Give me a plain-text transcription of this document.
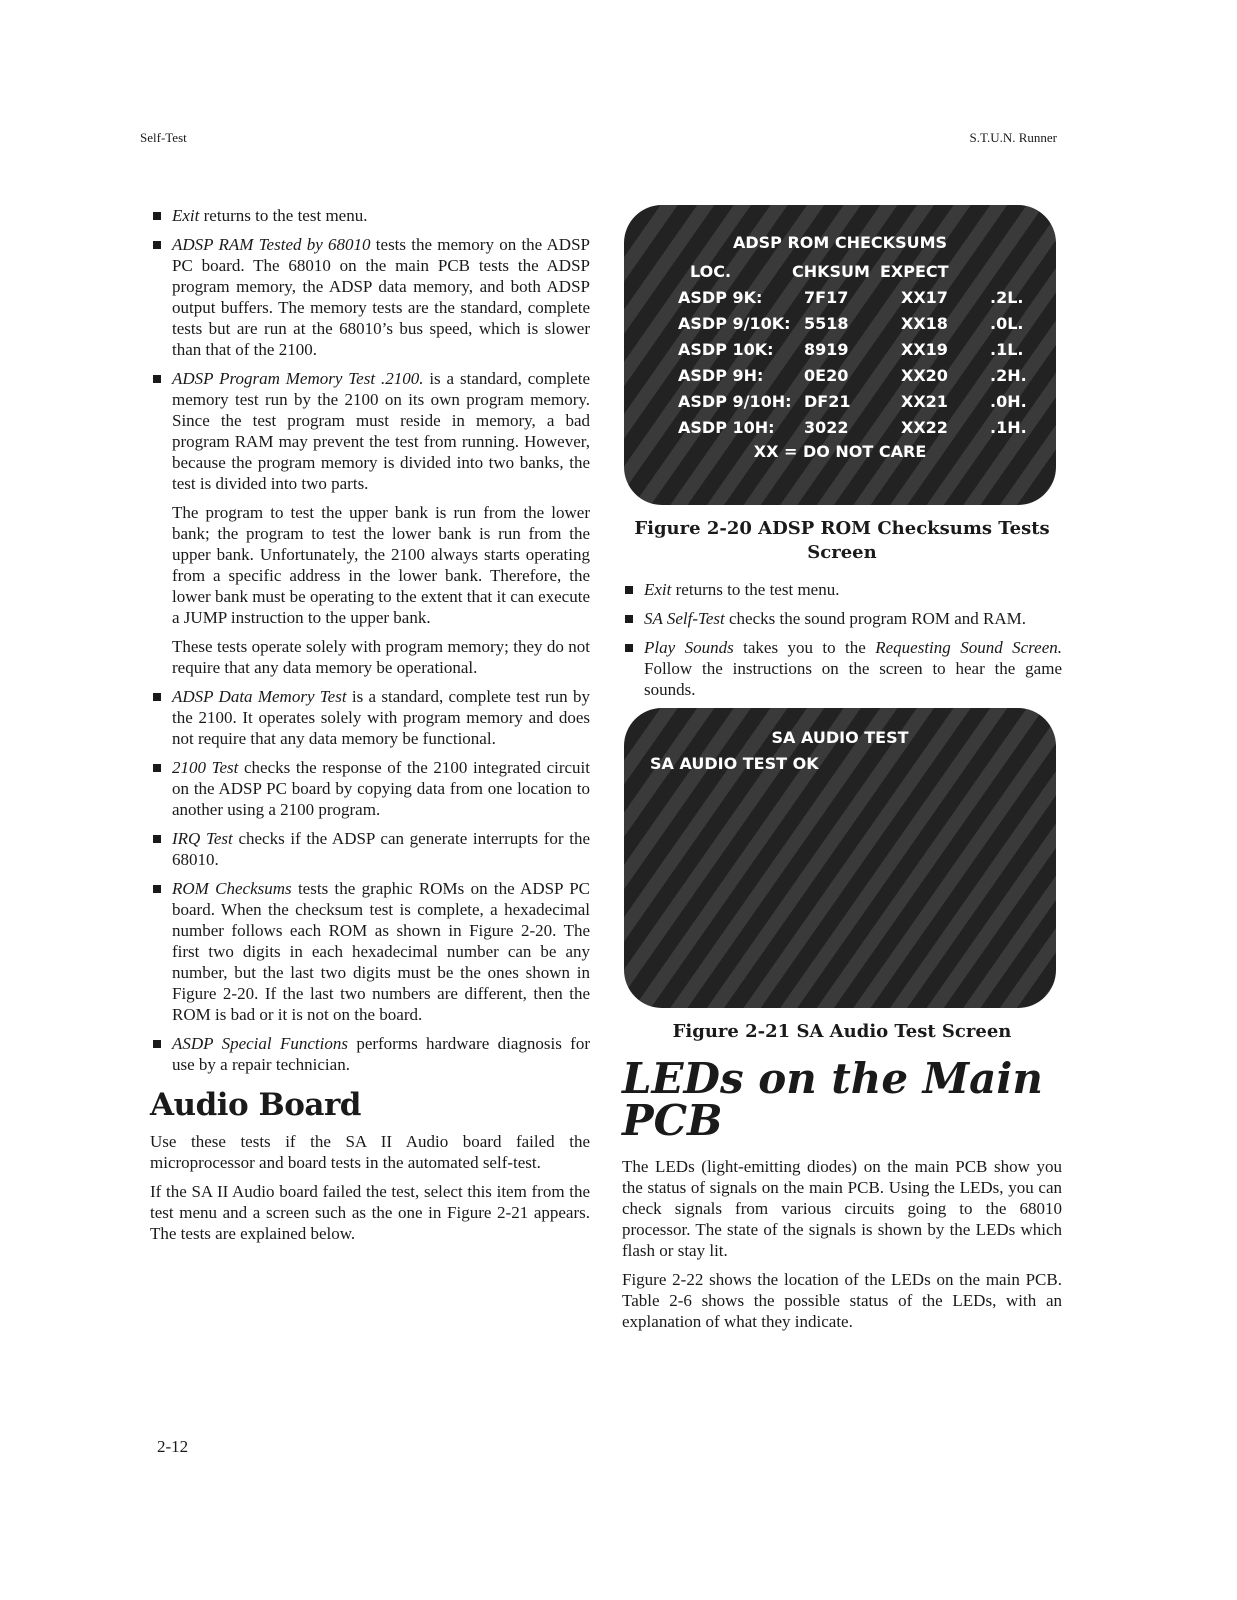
Self-Test	S.T.U.N. Runner

Exit returns to the test menu.

ADSP RAM Tested by 68010 tests the memory on the ADSP PC board. The 68010 on the main PCB tests the ADSP program memory, the ADSP data memory, and both ADSP output buffers. The memory tests are the standard, complete tests but are run at the 68010’s bus speed, which is slower than that of the 2100.

ADSP Program Memory Test .2100. is a standard, complete memory test run by the 2100 on its own program memory. Since the test program must reside in memory, a bad program RAM may prevent the test from running. However, because the program memory is divided into two banks, the test is divided into two parts.

The program to test the upper bank is run from the lower bank; the program to test the lower bank is run from the upper bank. Unfortunately, the 2100 always starts operating from a specific address in the lower bank. Therefore, the lower bank must be operating to the extent that it can execute a JUMP instruction to the upper bank.

These tests operate solely with program memory; they do not require that any data memory be operational.

ADSP Data Memory Test is a standard, complete test run by the 2100. It operates solely with program memory and does not require that any data memory be functional.

2100 Test checks the response of the 2100 integrated circuit on the ADSP PC board by copying data from one location to another using a 2100 program.

IRQ Test checks if the ADSP can generate interrupts for the 68010.

ROM Checksums tests the graphic ROMs on the ADSP PC board. When the checksum test is complete, a hexadecimal number follows each ROM as shown in Figure 2-20. The first two digits in each hexadecimal number can be any number, but the last two digits must be the ones shown in Figure 2-20. If the last two numbers are different, then the ROM is bad or it is not on the board.

ASDP Special Functions performs hardware diagnosis for use by a repair technician.

Audio Board

Use these tests if the SA II Audio board failed the microprocessor and board tests in the automated self-test.

If the SA II Audio board failed the test, select this item from the test menu and a screen such as the one in Figure 2-21 appears. The tests are explained below.

ADSP ROM CHECKSUMS
LOC.	CHKSUM EXPECT
ASDP 9K:	7F17	XX17	.2L.
ASDP 9/10K: 5518	XX18	.0L.
ASDP 10K: 8919	XX19	.1L.
ASDP 9H:	0E20	XX20	.2H.
ASDP 9/10H: DF21	XX21	.0H.
ASDP 10H: 3022	XX22	.1H.
XX = DO NOT CARE
Figure 2-20 ADSP ROM Checksums Tests Screen

Exit returns to the test menu.

SA Self-Test checks the sound program ROM and RAM.

Play Sounds takes you to the Requesting Sound Screen. Follow the instructions on the screen to hear the game sounds.

SA AUDIO TEST
SA AUDIO TEST OK
Figure 2-21 SA Audio Test Screen
LEDs on the Main PCB

The LEDs (light-emitting diodes) on the main PCB show you the status of signals on the main PCB. Using the LEDs, you can check signals from various circuits going to the 68010 processor. The state of the signals is shown by the LEDs which flash or stay lit.

Figure 2-22 shows the location of the LEDs on the main PCB. Table 2-6 shows the possible status of the LEDs, with an explanation of what they indicate.

2-12
